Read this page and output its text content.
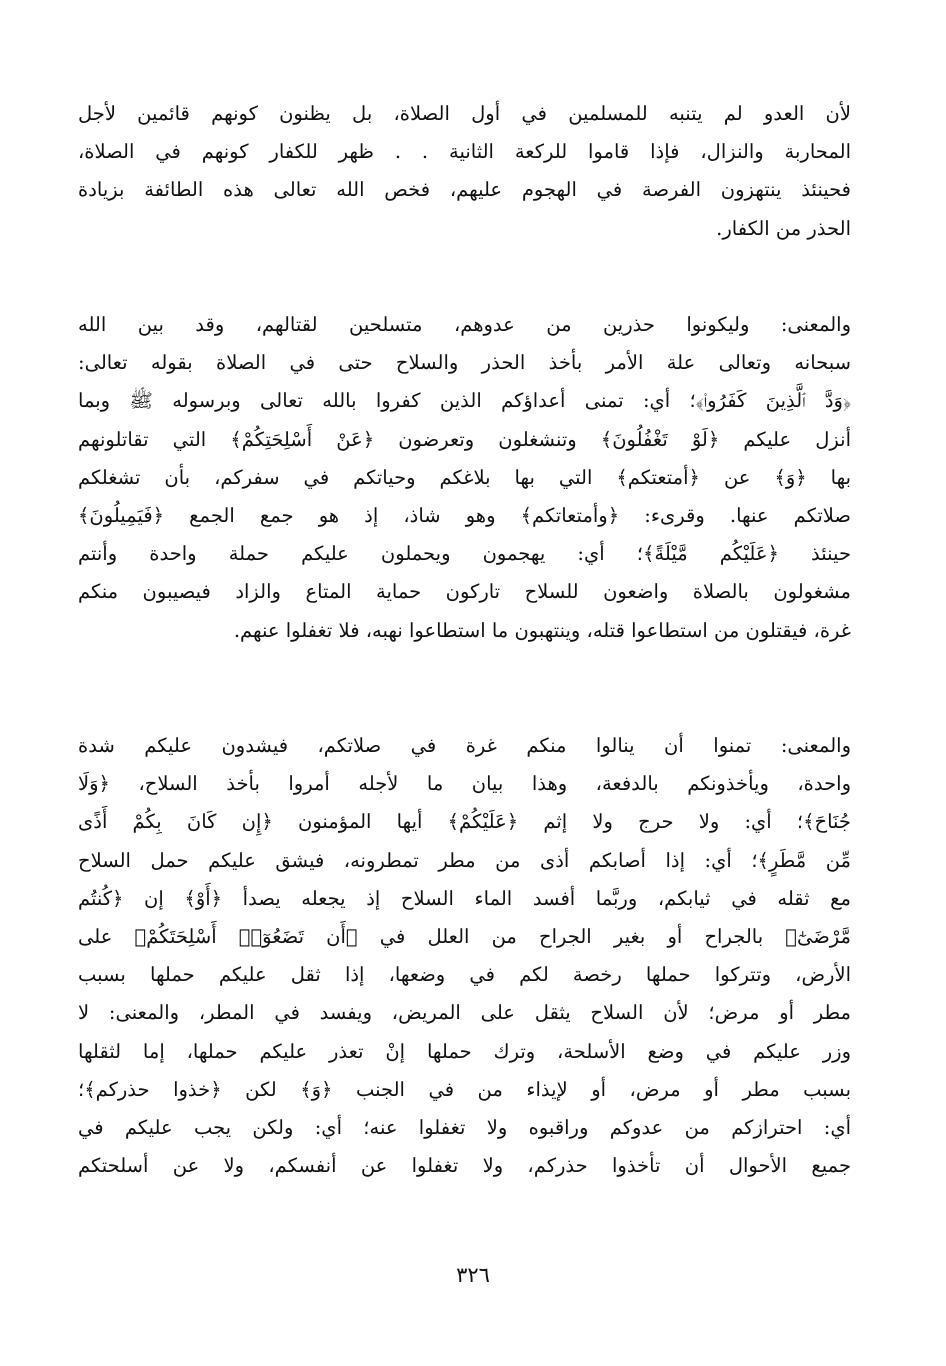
لأن العدو لم يتنبه للمسلمين في أول الصلاة، بل يظنون كونهم قائمين لأجل
المحاربة والنزال، فإذا قاموا للركعة الثانية . . ظهر للكفار كونهم في الصلاة،
فحينئذ ينتهزون الفرصة في الهجوم عليهم، فخص الله تعالى هذه الطائفة بزيادة
الحذر من الكفار.
والمعنى: وليكونوا حذرين من عدوهم، متسلحين لقتالهم، وقد بين الله
سبحانه وتعالى علة الأمر بأخذ الحذر والسلاح حتى في الصلاة بقوله تعالى:
﴿وَدَّ ٱلَّذِينَ كَفَرُوا۟﴾؛ أي: تمنى أعداؤكم الذين كفروا بالله تعالى وبرسوله ﷺ وبما
أنزل عليكم ﴿لَوْ تَغْفُلُونَ﴾ وتنشغلون وتعرضون ﴿عَنْ أَسْلِحَتِكُمْ﴾ التي تقاتلونهم
بها ﴿وَ﴾ عن ﴿أمتعتكم﴾ التي بها بلاغكم وحياتكم في سفركم، بأن تشغلكم
صلاتكم عنها. وقرىء: ﴿وأمتعاتكم﴾ وهو شاذ، إذ هو جمع الجمع ﴿فَيَمِيلُونَ﴾
حينئذ ﴿عَلَيْكُم مَّيْلَةً﴾؛ أي: يهجمون ويحملون عليكم حملة واحدة وأنتم
مشغولون بالصلاة واضعون للسلاح تاركون حماية المتاع والزاد فيصيبون منكم
غرة، فيقتلون من استطاعوا قتله، وينتهبون ما استطاعوا نهبه، فلا تغفلوا عنهم.
والمعنى: تمنوا أن ينالوا منكم غرة في صلاتكم، فيشدون عليكم شدة
واحدة، ويأخذونكم بالدفعة، وهذا بيان ما لأجله أمروا بأخذ السلاح، ﴿وَلَا
جُنَاحَ﴾؛ أي: ولا حرج ولا إثم ﴿عَلَيْكُمْ﴾ أيها المؤمنون ﴿إِن كَانَ بِكُمْ أَذًى
مِّن مَّطَرٍ﴾؛ أي: إذا أصابكم أذى من مطر تمطرونه، فيشق عليكم حمل السلاح
مع ثقله في ثيابكم، وربَّما أفسد الماء السلاح إذ يجعله يصدأ ﴿أَوْ﴾ إن ﴿كُنتُم
مَّرْضَىٰٓ﴾ بالجراح أو بغير الجراح من العلل في ﴿أَن تَضَعُوٓا۟ أَسْلِحَتَكُمْ﴾ على
الأرض، وتتركوا حملها رخصة لكم في وضعها، إذا ثقل عليكم حملها بسبب
مطر أو مرض؛ لأن السلاح يثقل على المريض، ويفسد في المطر، والمعنى: لا
وزر عليكم في وضع الأسلحة، وترك حملها إنْ تعذر عليكم حملها، إما لثقلها
بسبب مطر أو مرض، أو لإيذاء من في الجنب ﴿وَ﴾ لكن ﴿خذوا حذركم﴾؛
أي: احترازكم من عدوكم وراقبوه ولا تغفلوا عنه؛ أي: ولكن يجب عليكم في
جميع الأحوال أن تأخذوا حذركم، ولا تغفلوا عن أنفسكم، ولا عن أسلحتكم
٣٢٦
